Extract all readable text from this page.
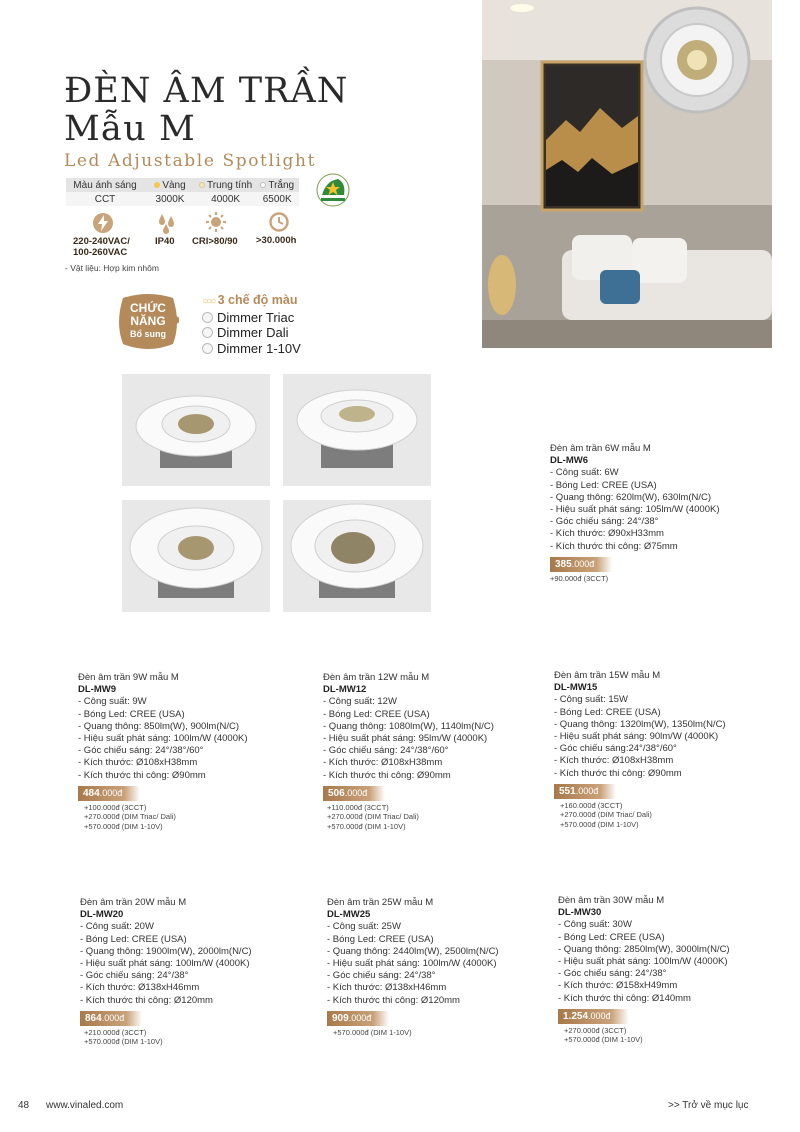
ĐÈN ÂM TRẦN
Mẫu M
Led Adjustable Spotlight
Màu ánh sáng	Vàng	Trung tính	Trắng
CCT	3000K	4000K	6500K
220-240VAC/
100-260VAC
IP40 CRI>80/90 >30.000h
- Vật liệu: Hợp kim nhôm
CHỨC
NĂNG
Bổ sung
○○○ 3 chế độ màu
Dimmer Triac
Dimmer Dali
Dimmer 1-10V
Đèn âm trần 6W mẫu M
DL-MW6
- Công suất: 6W
- Bóng Led: CREE (USA)
- Quang thông: 620lm(W), 630lm(N/C)
- Hiệu suất phát sáng: 105lm/W (4000K)
- Góc chiếu sáng: 24°/38°
- Kích thước: Ø90xH33mm
- Kích thước thi công: Ø75mm
385.000đ
+90.000đ (3CCT)
Đèn âm trần 9W mẫu M
DL-MW9
- Công suất: 9W
- Bóng Led: CREE (USA)
- Quang thông: 850lm(W), 900lm(N/C)
- Hiệu suất phát sáng: 100lm/W (4000K)
- Góc chiếu sáng: 24°/38°/60°
- Kích thước: Ø108xH38mm
- Kích thước thi công: Ø90mm
484.000đ
+100.000đ (3CCT)
+270.000đ (DIM Triac/ Dali)
+570.000đ (DIM 1-10V)
Đèn âm trần 12W mẫu M
DL-MW12
- Công suất: 12W
- Bóng Led: CREE (USA)
- Quang thông: 1080lm(W), 1140lm(N/C)
- Hiệu suất phát sáng: 95lm/W (4000K)
- Góc chiếu sáng: 24°/38°/60°
- Kích thước: Ø108xH38mm
- Kích thước thi công: Ø90mm
506.000đ
+110.000đ (3CCT)
+270.000đ (DIM Triac/ Dali)
+570.000đ (DIM 1-10V)
Đèn âm trần 15W mẫu M
DL-MW15
- Công suất: 15W
- Bóng Led: CREE (USA)
- Quang thông: 1320lm(W), 1350lm(N/C)
- Hiệu suất phát sáng: 90lm/W (4000K)
- Góc chiếu sáng:24°/38°/60°
- Kích thước: Ø108xH38mm
- Kích thước thi công: Ø90mm
551.000đ
+160.000đ (3CCT)
+270.000đ (DIM Triac/ Dali)
+570.000đ (DIM 1-10V)
Đèn âm trần 20W mẫu M
DL-MW20
- Công suất: 20W
- Bóng Led: CREE (USA)
- Quang thông: 1900lm(W), 2000lm(N/C)
- Hiệu suất phát sáng: 100lm/W (4000K)
- Góc chiếu sáng: 24°/38°
- Kích thước: Ø138xH46mm
- Kích thước thi công: Ø120mm
864.000đ
+210.000đ (3CCT)
+570.000đ (DIM 1-10V)
Đèn âm trần 25W mẫu M
DL-MW25
- Công suất: 25W
- Bóng Led: CREE (USA)
- Quang thông: 2440lm(W), 2500lm(N/C)
- Hiệu suất phát sáng: 100lm/W (4000K)
- Góc chiếu sáng: 24°/38°
- Kích thước: Ø138xH46mm
- Kích thước thi công: Ø120mm
909.000đ
+570.000đ (DIM 1-10V)
Đèn âm trần 30W mẫu M
DL-MW30
- Công suất: 30W
- Bóng Led: CREE (USA)
- Quang thông: 2850lm(W), 3000lm(N/C)
- Hiệu suất phát sáng: 100lm/W (4000K)
- Góc chiếu sáng: 24°/38°
- Kích thước: Ø158xH49mm
- Kích thước thi công: Ø140mm
1.254.000đ
+270.000đ (3CCT)
+570.000đ (DIM 1-10V)
48 www.vinaled.com	>> Trở về mục lục
